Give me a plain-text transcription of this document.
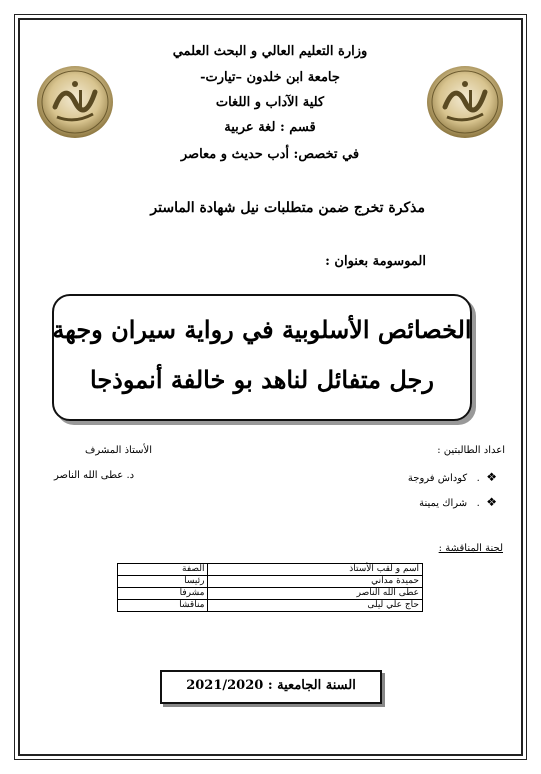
وزارة التعليم العالي و البحث العلمي
جامعة ابن خلدون –تيارت-
كلية الآداب و اللغات
قسم : لغة عربية
في تخصص: أدب حديث و معاصر
مذكرة تخرج ضمن متطلبات نيل شهادة الماستر
الموسومة بعنوان :
الخصائص الأسلوبية في رواية سيران وجهة
رجل متفائل لناهد بو خالفة أنموذجا
اعداد الطالبتين :
❖  .   كوداش فروجة
❖  .   شراك يمينة
الأستاذ المشرف
د. عطى الله الناصر
لجنة المناقشة :
اسم و لقب الأستاذ	الصفة
حميدة مداني	رئيسا
عطى الله الناصر	مشرفا
حاج علي ليلى	مناقشا
السنة الجامعية : 2021/2020
